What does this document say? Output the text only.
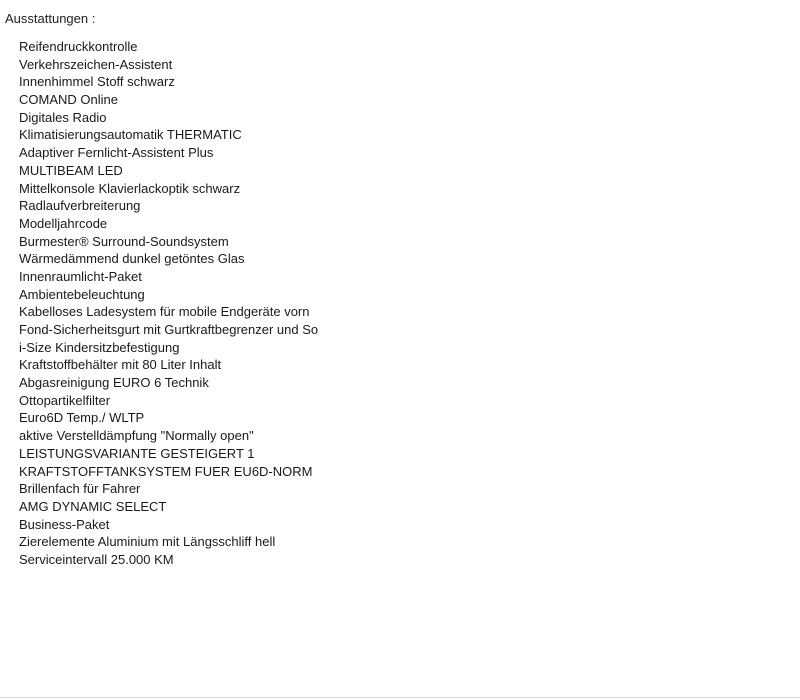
Ausstattungen :
Reifendruckkontrolle
Verkehrszeichen-Assistent
Innenhimmel Stoff schwarz
COMAND Online
Digitales Radio
Klimatisierungsautomatik THERMATIC
Adaptiver Fernlicht-Assistent Plus
MULTIBEAM LED
Mittelkonsole Klavierlackoptik schwarz
Radlaufverbreiterung
Modelljahrcode
Burmester® Surround-Soundsystem
Wärmedämmend dunkel getöntes Glas
Innenraumlicht-Paket
Ambientebeleuchtung
Kabelloses Ladesystem für mobile Endgeräte vorn
Fond-Sicherheitsgurt mit Gurtkraftbegrenzer und So
i-Size Kindersitzbefestigung
Kraftstoffbehälter mit 80 Liter Inhalt
Abgasreinigung EURO 6 Technik
Ottopartikelfilter
Euro6D Temp./ WLTP
aktive Verstelldämpfung "Normally open"
LEISTUNGSVARIANTE GESTEIGERT 1
KRAFTSTOFFTANKSYSTEM FUER EU6D-NORM
Brillenfach für Fahrer
AMG DYNAMIC SELECT
Business-Paket
Zierelemente Aluminium mit Längsschliff hell
Serviceintervall 25.000 KM
